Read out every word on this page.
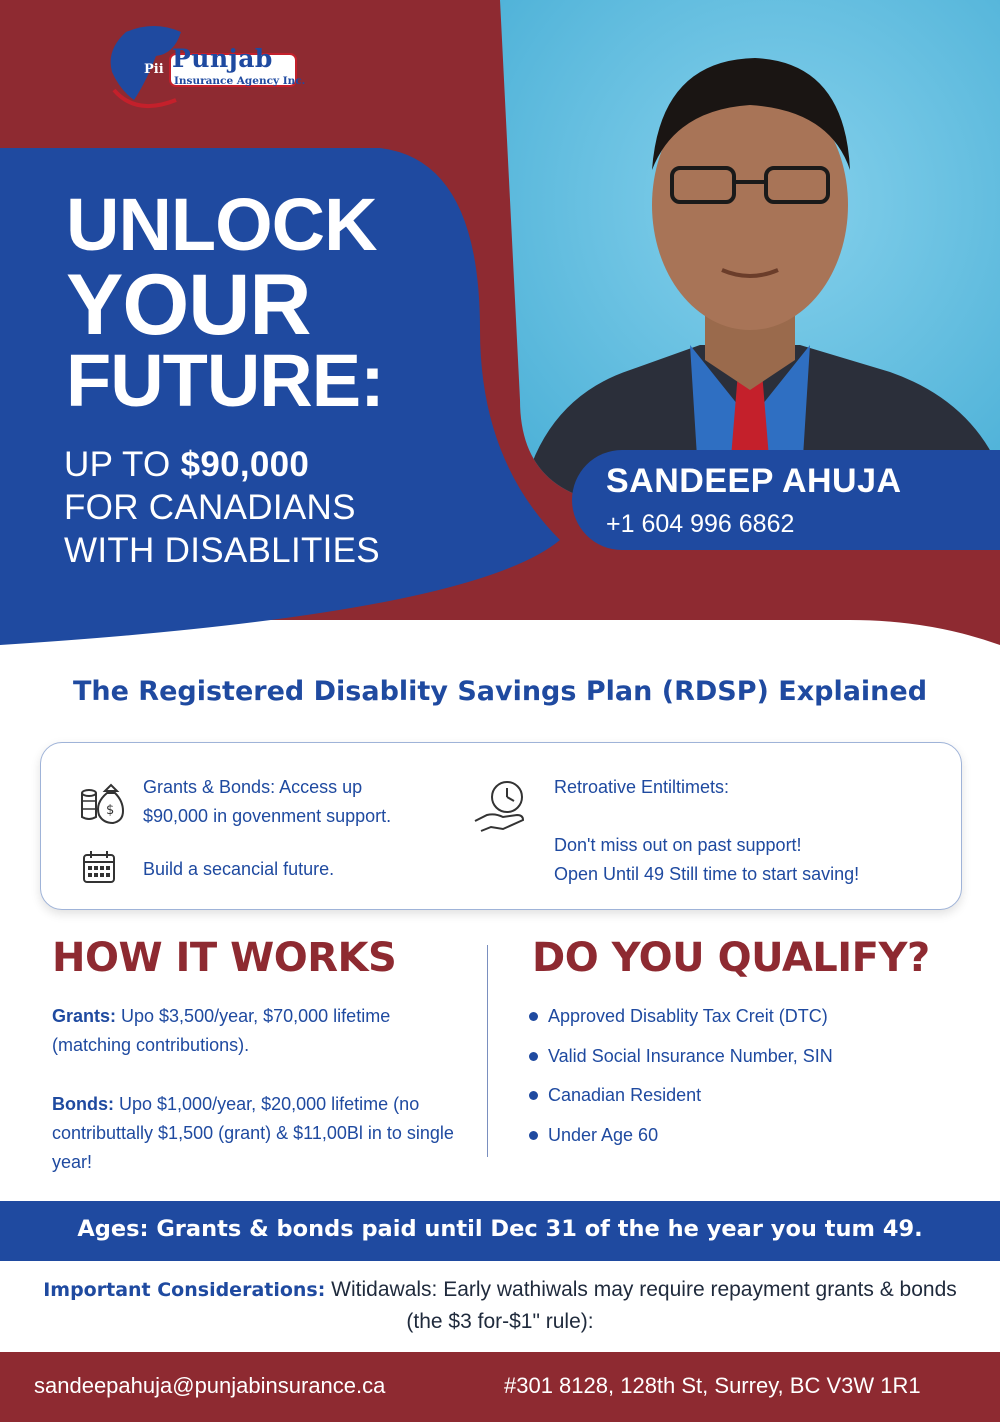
Pii Punjab
Insurance Agency Inc.
UNLOCK
YOUR
FUTURE:
UP TO $90,000
FOR CANADIANS
WITH DISABLITIES
SANDEEP AHUJA
+1 604 996 6862
The Registered Disablity Savings Plan (RDSP) Explained
$
Grants & Bonds: Access up
$90,000 in govenment support.
Build a secancial future.
Retroative Entiltimets:
Don't miss out on past support!
Open Until 49 Still time to start saving!
HOW IT WORKS	DO YOU QUALIFY?
Grants: Upo $3,500/year, $70,000 lifetime (matching contributions).
Bonds: Upo $1,000/year, $20,000 lifetime (no contributtally $1,500 (grant) & $11,00Bl in to single year!
Approved Disablity Tax Creit (DTC)
Valid Social Insurance Number, SIN
Canadian Resident
Under Age 60
Ages: Grants & bonds paid until Dec 31 of the he year you tum 49.
Important Considerations: Witidawals: Early wathiwals may require repayment grants & bonds (the $3 for-$1" rule):
sandeepahuja@punjabinsurance.ca	#301 8128, 128th St, Surrey, BC V3W 1R1
